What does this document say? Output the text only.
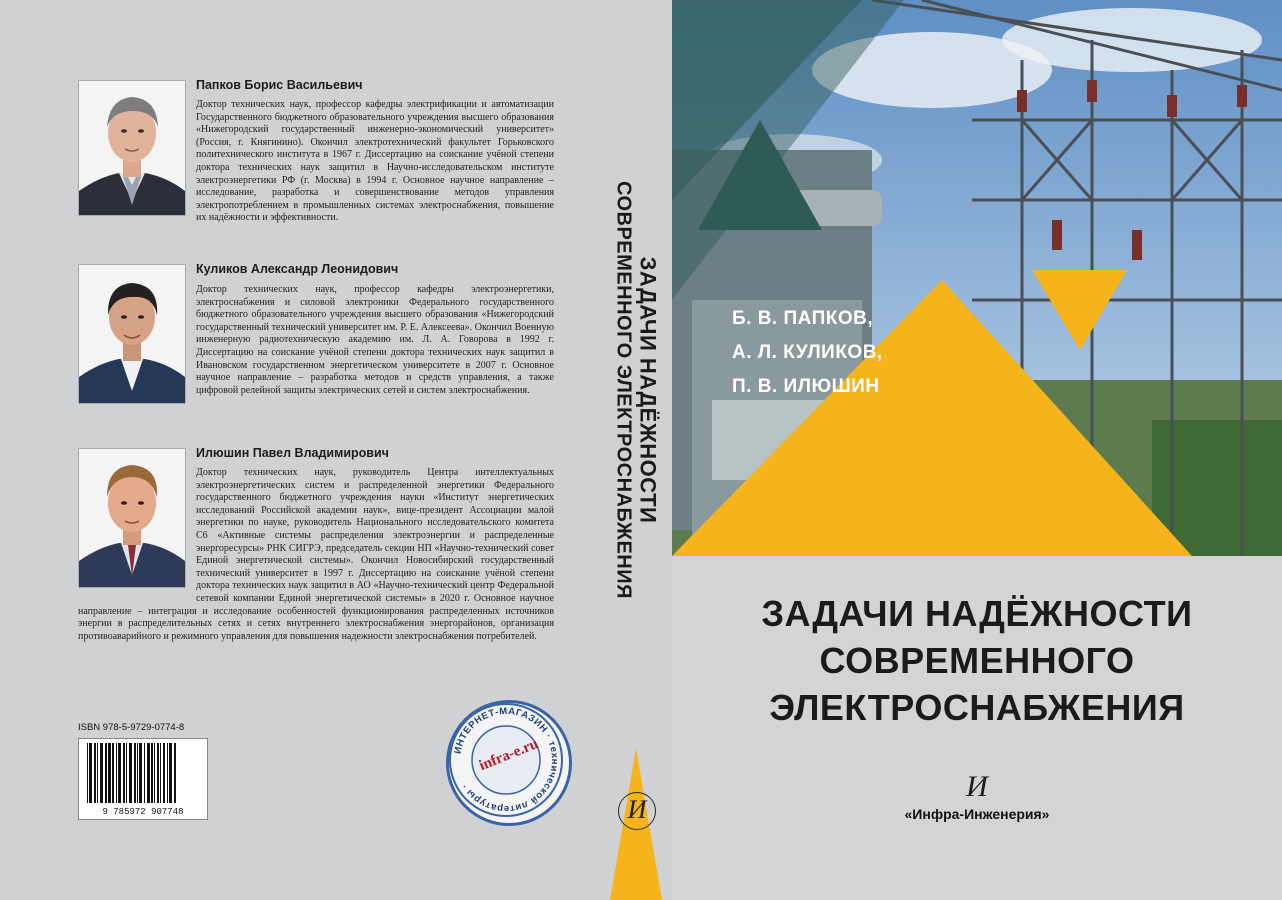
Папков Борис Васильевич
Доктор технических наук, профессор кафедры электрификации и автоматизации Государственного бюджетного образовательного учреждения высшего образования «Нижегородский государственный инженерно-экономический университет» (Россия, г. Княгинино). Окончил электротехнический факультет Горьковского политехнического института в 1967 г. Диссертацию на соискание учёной степени доктора технических наук защитил в Научно-исследовательском институте электроэнергетики РФ (г. Москва) в 1994 г. Основное научное направление – исследование, разработка и совершенствование методов управления электропотреблением в промышленных системах электроснабжения, повышение их надёжности и эффективности.
Куликов Александр Леонидович
Доктор технических наук, профессор кафедры электроэнергетики, электроснабжения и силовой электроники Федерального государственного бюджетного образовательного учреждения высшего образования «Нижегородский государственный технический университет им. Р. Е. Алексеева». Окончил Военную инженерную радиотехническую академию им. Л. А. Говорова в 1992 г. Диссертацию на соискание учёной степени доктора технических наук защитил в Ивановском государственном энергетическом университете в 2007 г. Основное научное направление – разработка методов и средств управления, а также цифровой релейной защиты электрических сетей и систем электроснабжения.
Илюшин Павел Владимирович
Доктор технических наук, руководитель Центра интеллектуальных электроэнергетических систем и распределенной энергетики Федерального государственного бюджетного учреждения науки «Институт энергетических исследований Российской академии наук», вице-президент Ассоциации малой энергетики по науке, руководитель Национального исследовательского комитета С6 «Активные системы распределения электроэнергии и распределенные энергоресурсы» РНК СИГРЭ, председатель секции НП «Научно-технический совет Единой энергетической системы». Окончил Новосибирский государственный технический университет в 1997 г. Диссертацию на соискание учёной степени доктора технических наук защитил в АО «Научно-технический центр Федеральной сетевой компании Единой энергетической системы» в 2020 г. Основное научное направление – интеграция и исследование особенностей функционирования распределенных источников энергии в распределительных сетях и сетях внутреннего электроснабжения энергорайонов, организация противоаварийного и режимного управления для повышения надежности электроснабжения потребителей.
ISBN 978-5-9729-0774-8
9 785972 907748
ИНТЕРНЕТ-МАГАЗИН · технической литературы ·
infra-e.ru
И
ЗАДАЧИ НАДЁЖНОСТИ
СОВРЕМЕННОГО ЭЛЕКТРОСНАБЖЕНИЯ	Б. В. ПАПКОВ,
А. Л. КУЛИКОВ,
П. В. ИЛЮШИН
ЗАДАЧИ НАДЁЖНОСТИ
СОВРЕМЕННОГО
ЭЛЕКТРОСНАБЖЕНИЯ
И
«Инфра-Инженерия»
